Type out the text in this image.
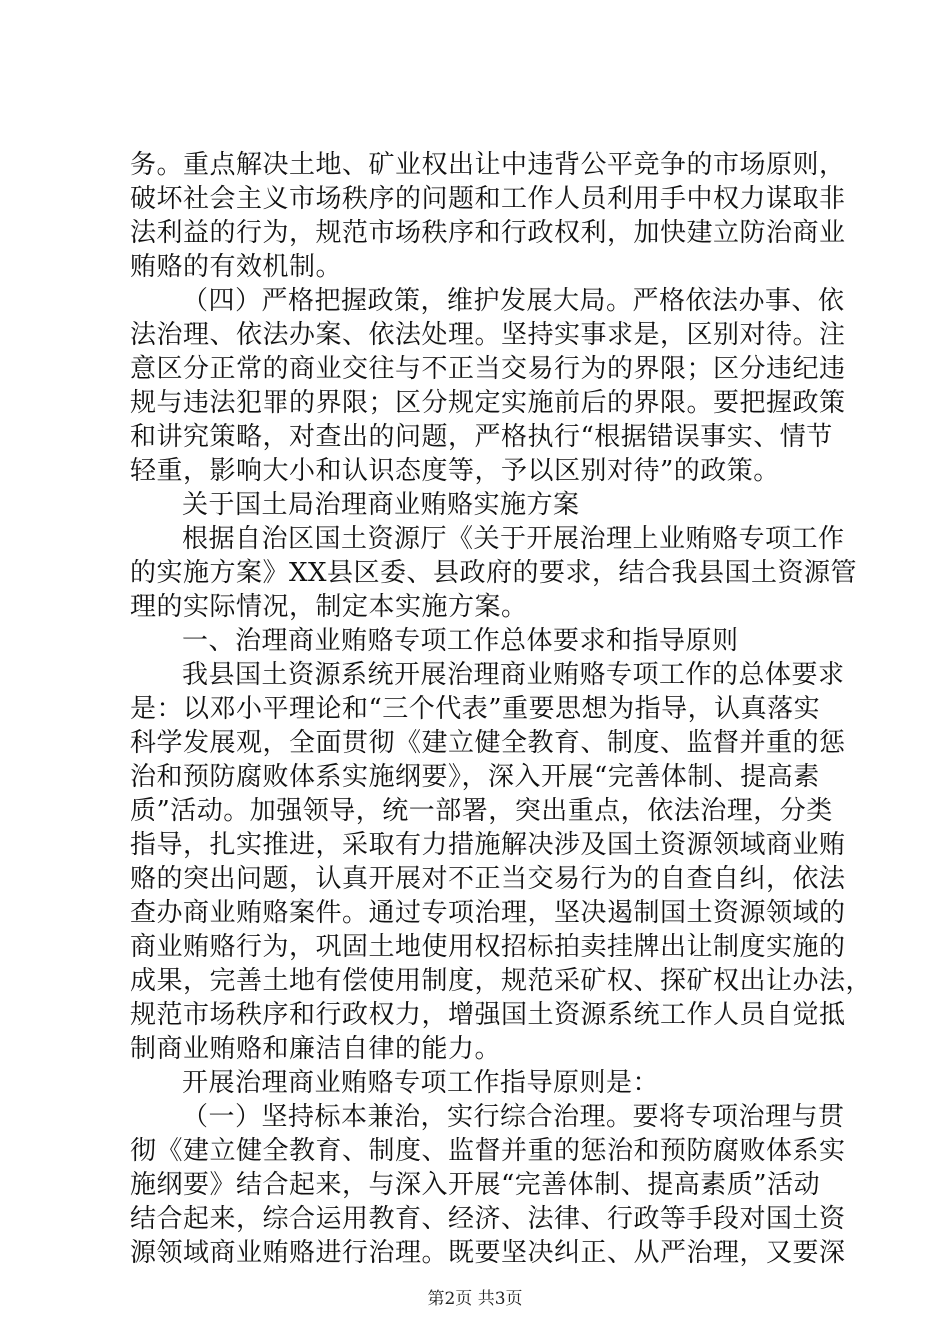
务。重点解决土地、矿业权出让中违背公平竞争的市场原则，
破坏社会主义市场秩序的问题和工作人员利用手中权力谋取非
法利益的行为，规范市场秩序和行政权利，加快建立防治商业
贿赂的有效机制。
（四）严格把握政策，维护发展大局。严格依法办事、依
法治理、依法办案、依法处理。坚持实事求是，区别对待。注
意区分正常的商业交往与不正当交易行为的界限；区分违纪违
规与违法犯罪的界限；区分规定实施前后的界限。要把握政策
和讲究策略，对查出的问题，严格执行“根据错误事实、情节
轻重，影响大小和认识态度等，予以区别对待”的政策。
关于国土局治理商业贿赂实施方案
根据自治区国土资源厅《关于开展治理上业贿赂专项工作
的实施方案》XX县区委、县政府的要求，结合我县国土资源管
理的实际情况，制定本实施方案。
一、治理商业贿赂专项工作总体要求和指导原则
我县国土资源系统开展治理商业贿赂专项工作的总体要求
是：以邓小平理论和“三个代表”重要思想为指导，认真落实
科学发展观，全面贯彻《建立健全教育、制度、监督并重的惩
治和预防腐败体系实施纲要》，深入开展“完善体制、提高素
质”活动。加强领导，统一部署，突出重点，依法治理，分类
指导，扎实推进，采取有力措施解决涉及国土资源领域商业贿
赂的突出问题，认真开展对不正当交易行为的自查自纠，依法
查办商业贿赂案件。通过专项治理，坚决遏制国土资源领域的
商业贿赂行为，巩固土地使用权招标拍卖挂牌出让制度实施的
成果，完善土地有偿使用制度，规范采矿权、探矿权出让办法，
规范市场秩序和行政权力，增强国土资源系统工作人员自觉抵
制商业贿赂和廉洁自律的能力。
开展治理商业贿赂专项工作指导原则是：
（一）坚持标本兼治，实行综合治理。要将专项治理与贯
彻《建立健全教育、制度、监督并重的惩治和预防腐败体系实
施纲要》结合起来，与深入开展“完善体制、提高素质”活动
结合起来，综合运用教育、经济、法律、行政等手段对国土资
源领域商业贿赂进行治理。既要坚决纠正、从严治理，又要深
第2页 共3页
